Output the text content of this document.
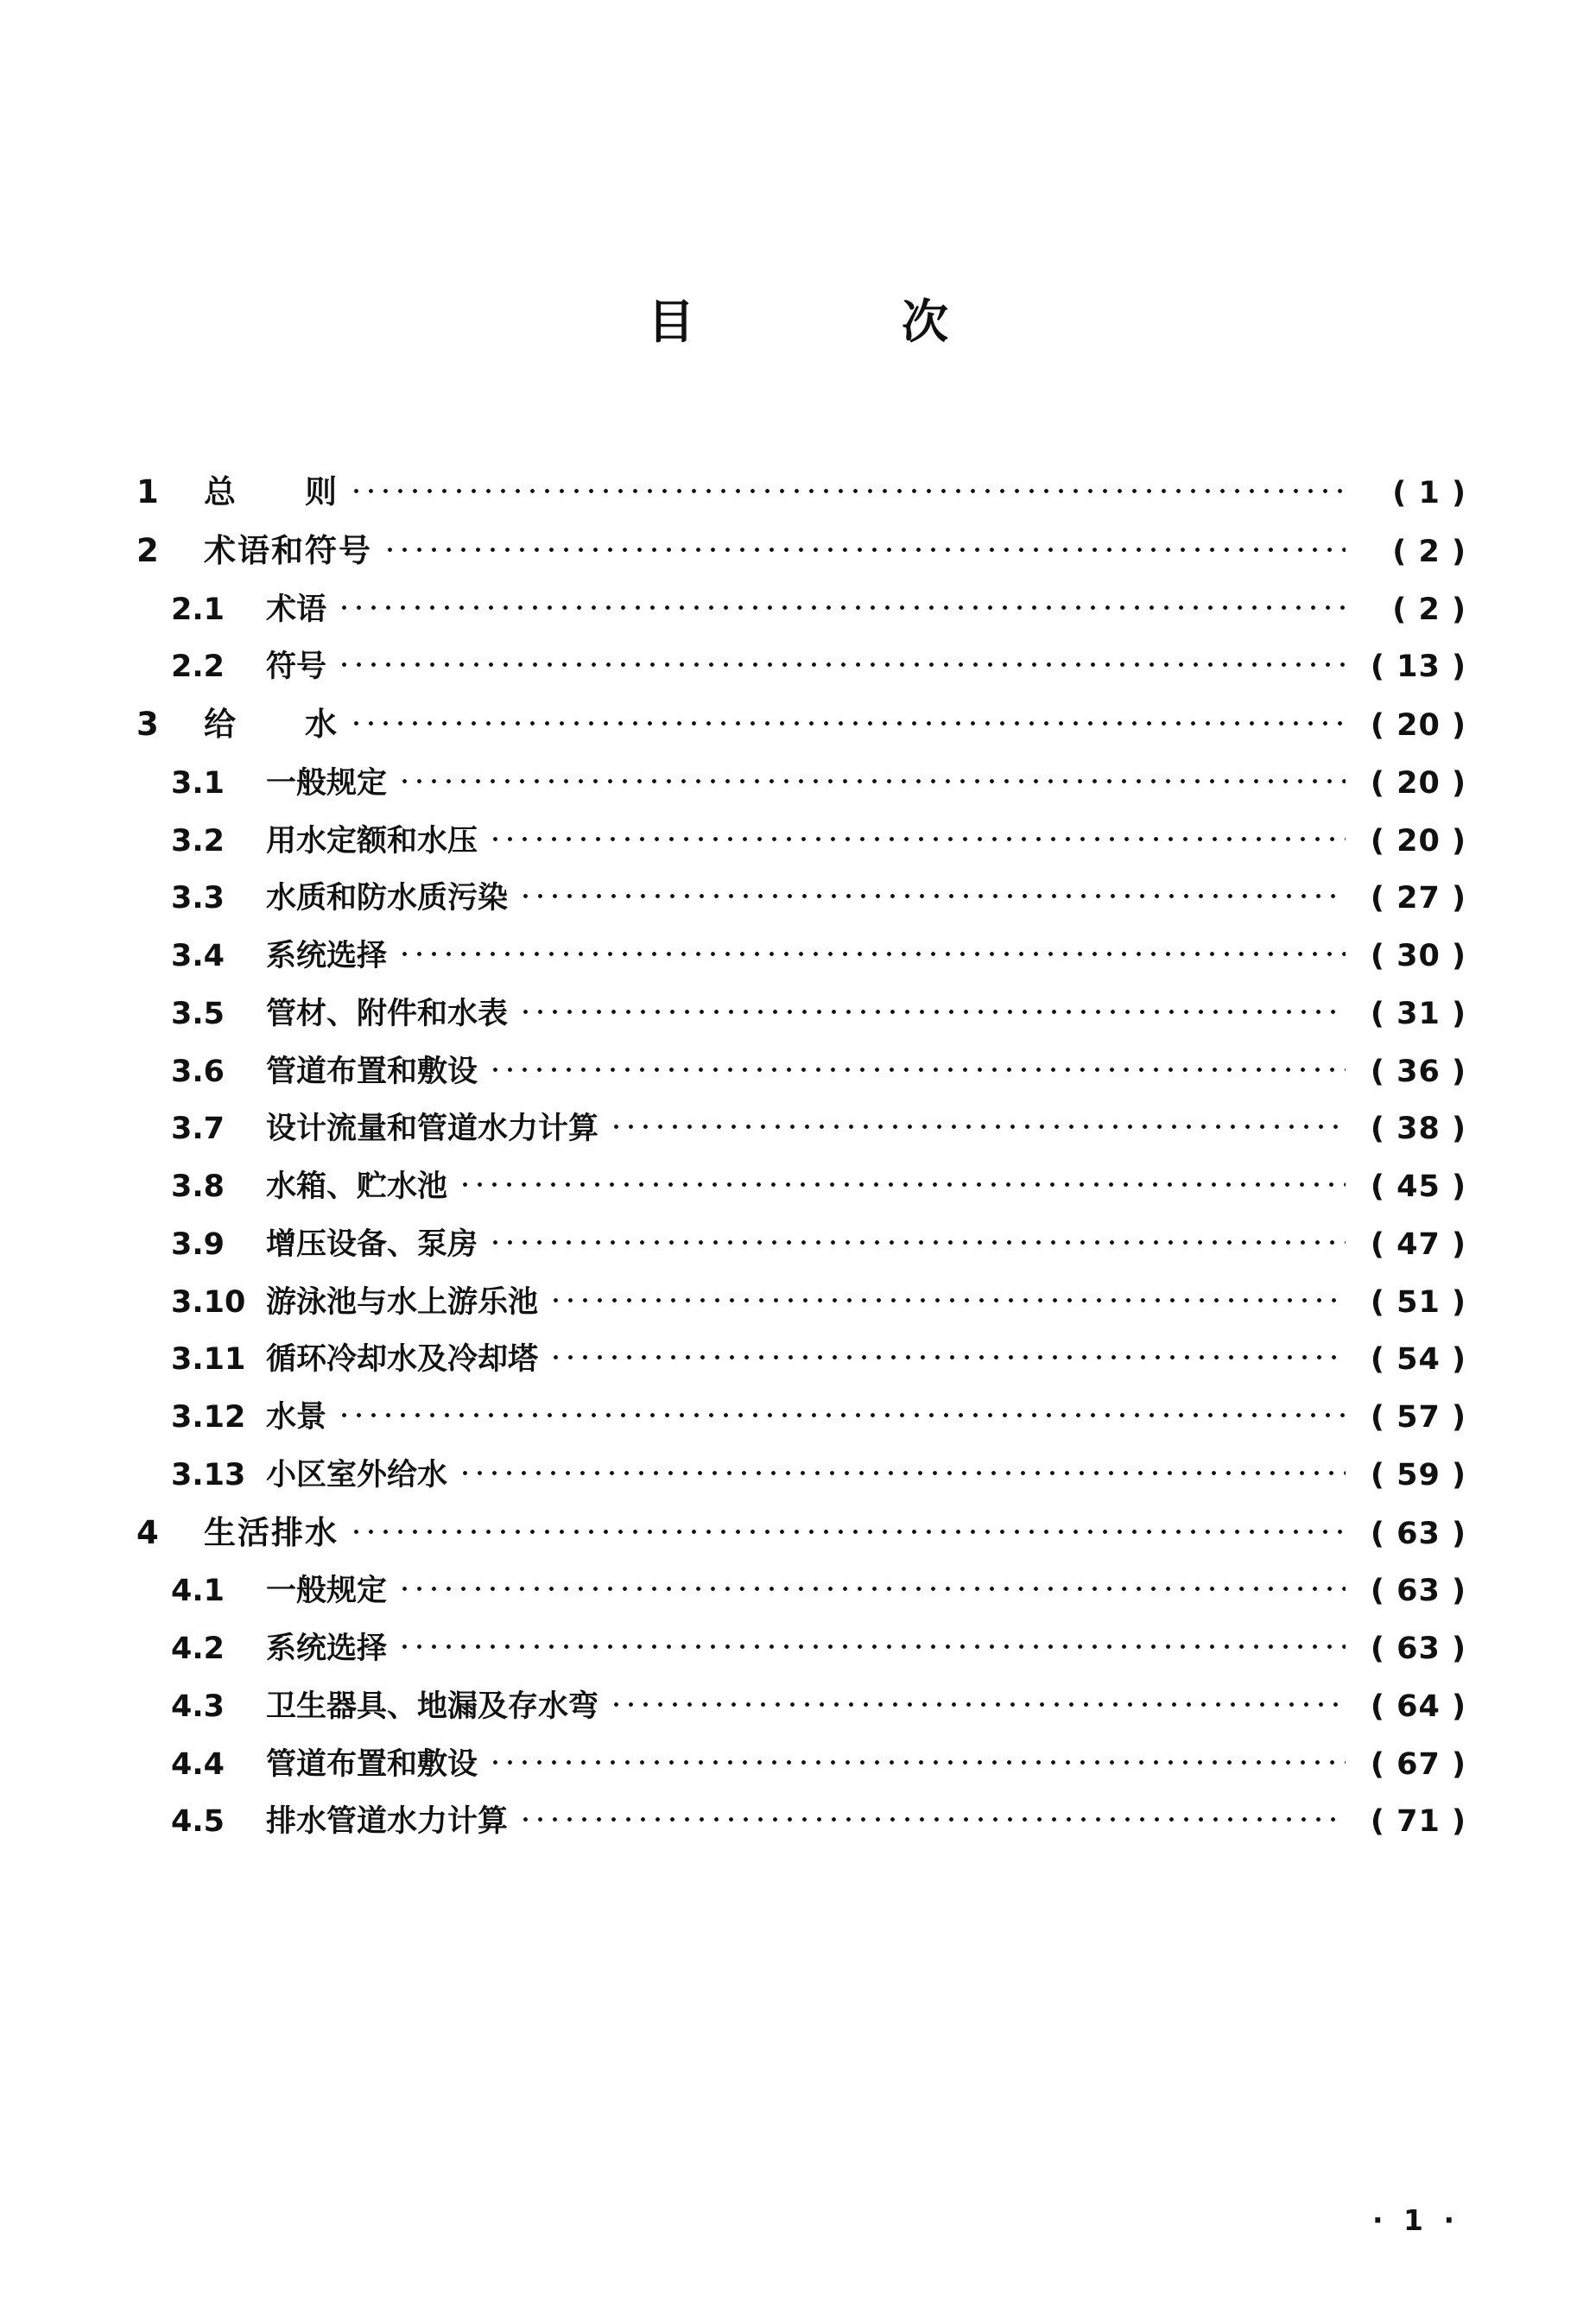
目　　次
1	总　　则	( 1 )
2	术语和符号	( 2 )
2.1	术语	( 2 )
2.2	符号	( 13 )
3	给　　水	( 20 )
3.1	一般规定	( 20 )
3.2	用水定额和水压	( 20 )
3.3	水质和防水质污染	( 27 )
3.4	系统选择	( 30 )
3.5	管材、附件和水表	( 31 )
3.6	管道布置和敷设	( 36 )
3.7	设计流量和管道水力计算	( 38 )
3.8	水箱、贮水池	( 45 )
3.9	增压设备、泵房	( 47 )
3.10 游泳池与水上游乐池	( 51 )
3.11 循环冷却水及冷却塔	( 54 )
3.12 水景	( 57 )
3.13 小区室外给水	( 59 )
4	生活排水	( 63 )
4.1	一般规定	( 63 )
4.2	系统选择	( 63 )
4.3	卫生器具、地漏及存水弯	( 64 )
4.4	管道布置和敷设	( 67 )
4.5	排水管道水力计算	( 71 )
· 1 ·
